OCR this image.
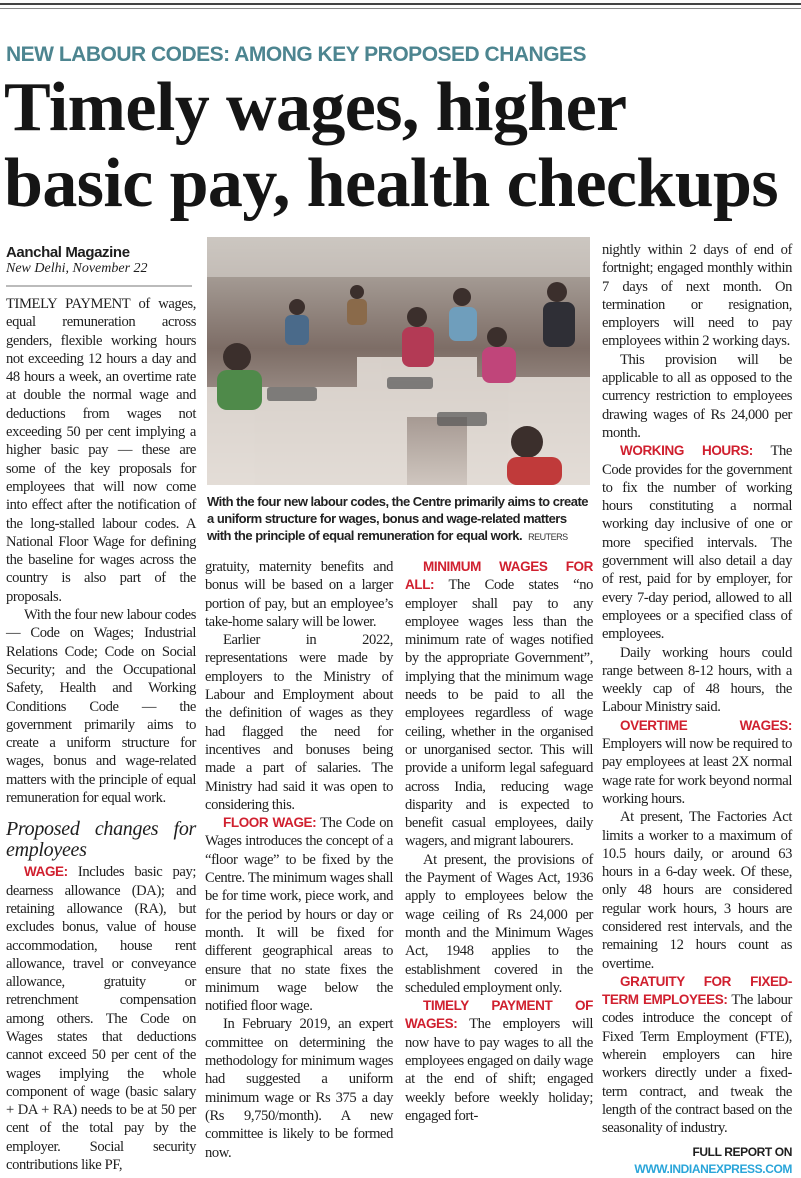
NEW LABOUR CODES: AMONG KEY PROPOSED CHANGES
Timely wages, higher
basic pay, health checkups
Aanchal Magazine
New Delhi, November 22

TIMELY PAYMENT of wages, equal remuneration across genders, flexible working hours not exceeding 12 hours a day and 48 hours a week, an overtime rate at double the normal wage and deductions from wages not exceeding 50 per cent implying a higher basic pay — these are some of the key proposals for employees that will now come into effect after the notification of the long-stalled labour codes. A National Floor Wage for defining the baseline for wages across the country is also part of the proposals.

With the four new labour codes — Code on Wages; Industrial Relations Code; Code on Social Security; and the Occupational Safety, Health and Working Conditions Code — the government primarily aims to create a uniform structure for wages, bonus and wage-related matters with the principle of equal remuneration for equal work.

Proposed changes for employees

WAGE: Includes basic pay; dearness allowance (DA); and retaining allowance (RA), but excludes bonus, value of house accommodation, house rent allowance, travel or conveyance allowance, gratuity or retrenchment compensation among others. The Code on Wages states that deductions cannot exceed 50 per cent of the wages implying the whole component of wage (basic salary + DA + RA) needs to be at 50 per cent of the total pay by the employer. Social security contributions like PF,

With the four new labour codes, the Centre primarily aims to create a uniform structure for wages, bonus and wage-related matters with the principle of equal remuneration for equal work. REUTERS

gratuity, maternity benefits and bonus will be based on a larger portion of pay, but an employee’s take-home salary will be lower.

Earlier in 2022, representations were made by employers to the Ministry of Labour and Employment about the definition of wages as they had flagged the need for incentives and bonuses being made a part of salaries. The Ministry had said it was open to considering this.

FLOOR WAGE: The Code on Wages introduces the concept of a “floor wage” to be fixed by the Centre. The minimum wages shall be for time work, piece work, and for the period by hours or day or month. It will be fixed for different geographical areas to ensure that no state fixes the minimum wage below the notified floor wage.

In February 2019, an expert committee on determining the methodology for minimum wages had suggested a uniform minimum wage or Rs 375 a day (Rs 9,750/month). A new committee is likely to be formed now.

MINIMUM WAGES FOR ALL: The Code states “no employer shall pay to any employee wages less than the minimum rate of wages notified by the appropriate Government”, implying that the minimum wage needs to be paid to all the employees regardless of wage ceiling, whether in the organised or unorganised sector. This will provide a uniform legal safeguard across India, reducing wage disparity and is expected to benefit casual employees, daily wagers, and migrant labourers.

At present, the provisions of the Payment of Wages Act, 1936 apply to employees below the wage ceiling of Rs 24,000 per month and the Minimum Wages Act, 1948 applies to the establishment covered in the scheduled employment only.

TIMELY PAYMENT OF WAGES: The employers will now have to pay wages to all the employees engaged on daily wage at the end of shift; engaged weekly before weekly holiday; engaged fort-

nightly within 2 days of end of fortnight; engaged monthly within 7 days of next month. On termination or resignation, employers will need to pay employees within 2 working days.

This provision will be applicable to all as opposed to the currency restriction to employees drawing wages of Rs 24,000 per month.

WORKING HOURS: The Code provides for the government to fix the number of working hours constituting a normal working day inclusive of one or more specified intervals. The government will also detail a day of rest, paid for by employer, for every 7-day period, allowed to all employees or a specified class of employees.

Daily working hours could range between 8-12 hours, with a weekly cap of 48 hours, the Labour Ministry said.

OVERTIME WAGES: Employers will now be required to pay employees at least 2X normal wage rate for work beyond normal working hours.

At present, The Factories Act limits a worker to a maximum of 10.5 hours daily, or around 63 hours in a 6-day week. Of these, only 48 hours are considered regular work hours, 3 hours are considered rest intervals, and the remaining 12 hours count as overtime.

GRATUITY FOR FIXED-TERM EMPLOYEES: The labour codes introduce the concept of Fixed Term Employment (FTE), wherein employers can hire workers directly under a fixed-term contract, and tweak the length of the contract based on the seasonality of industry.

FULL REPORT ON
WWW.INDIANEXPRESS.COM
